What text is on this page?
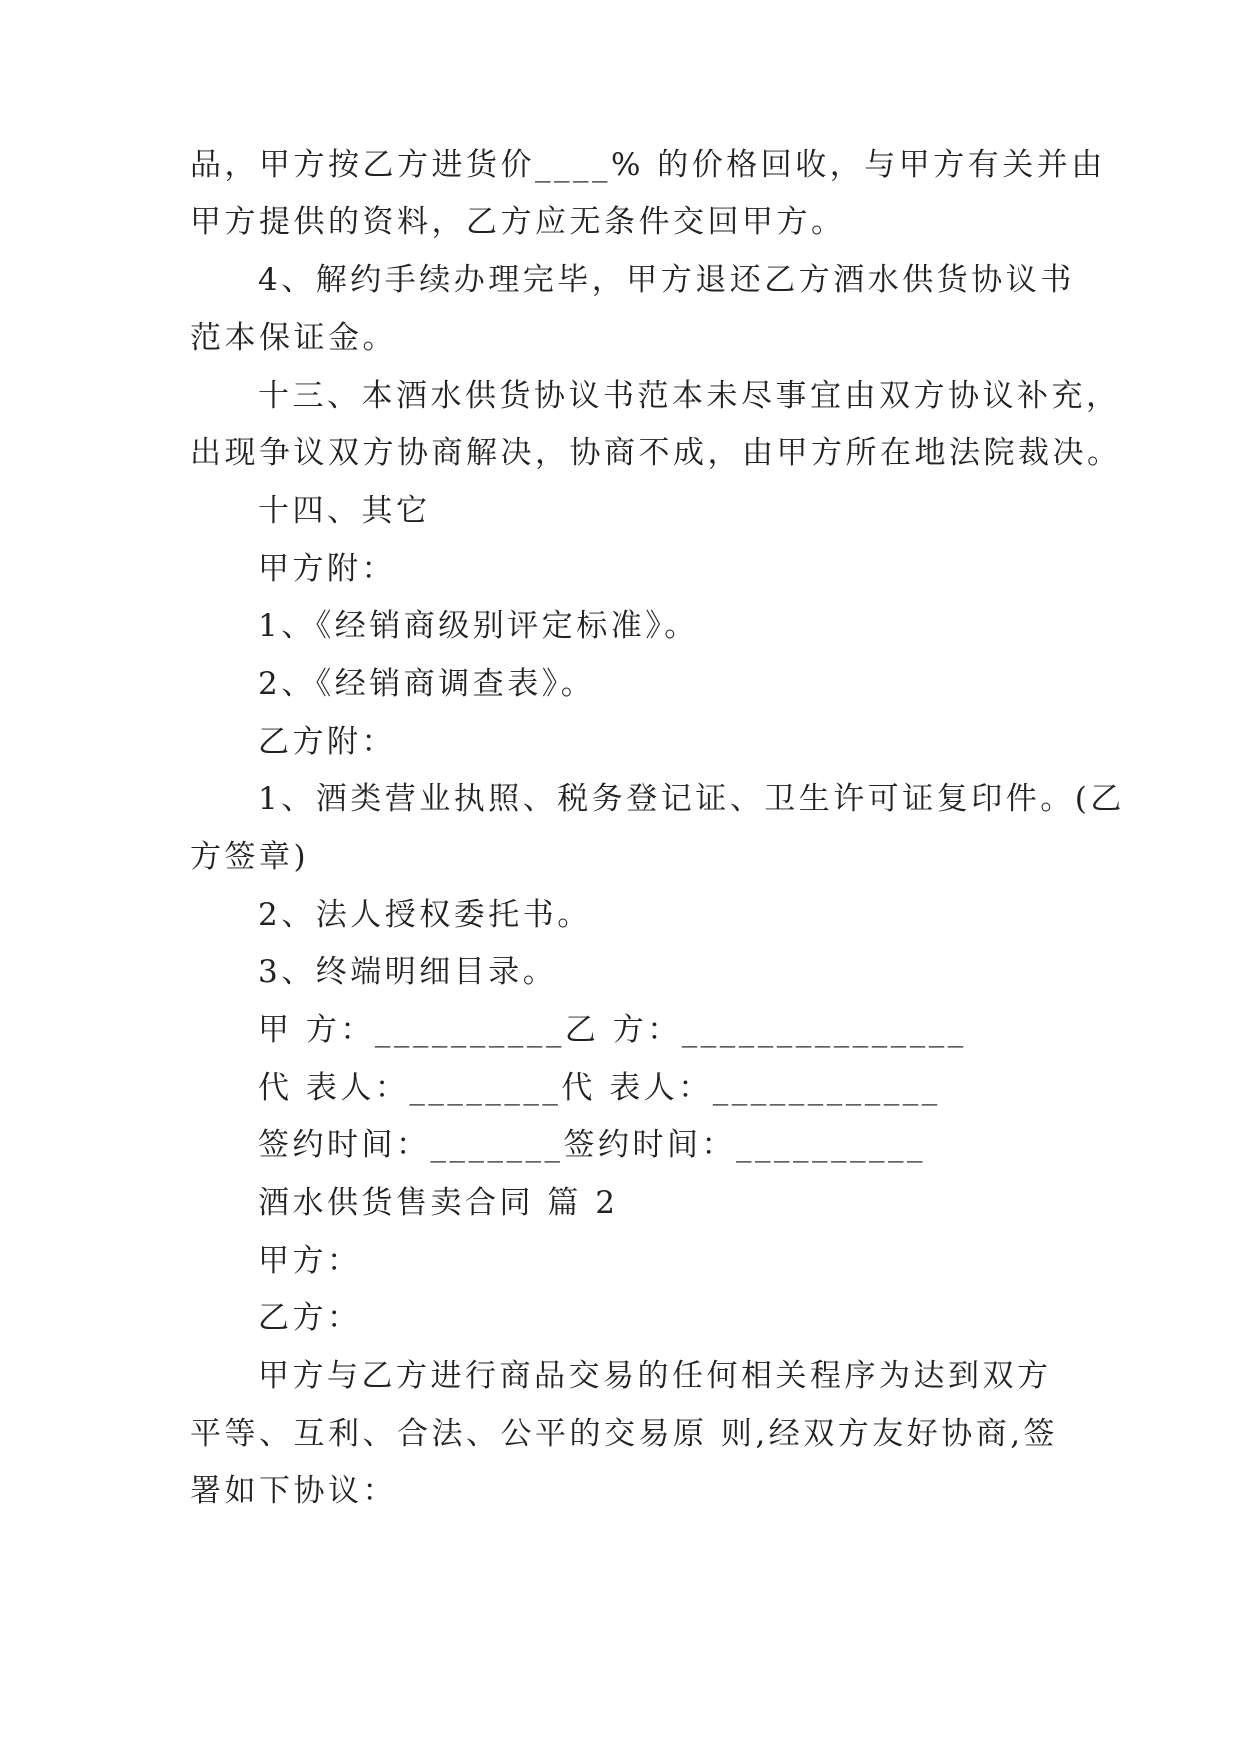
品，甲方按乙方进货价____% 的价格回收，与甲方有关并由
甲方提供的资料，乙方应无条件交回甲方。
4、解约手续办理完毕，甲方退还乙方酒水供货协议书
范本保证金。
十三、本酒水供货协议书范本未尽事宜由双方协议补充，
出现争议双方协商解决，协商不成，由甲方所在地法院裁决。
十四、其它
甲方附：
1、《经销商级别评定标准》。
2、《经销商调查表》。
乙方附：
1、酒类营业执照、税务登记证、卫生许可证复印件。(乙
方签章)
2、法人授权委托书。
3、终端明细目录。
甲 方：__________乙 方：_______________
代 表人：________代 表人：____________
签约时间：_______签约时间：__________
酒水供货售卖合同 篇 2
甲方：
乙方：
甲方与乙方进行商品交易的任何相关程序为达到双方
平等、互利、合法、公平的交易原 则,经双方友好协商,签
署如下协议：
